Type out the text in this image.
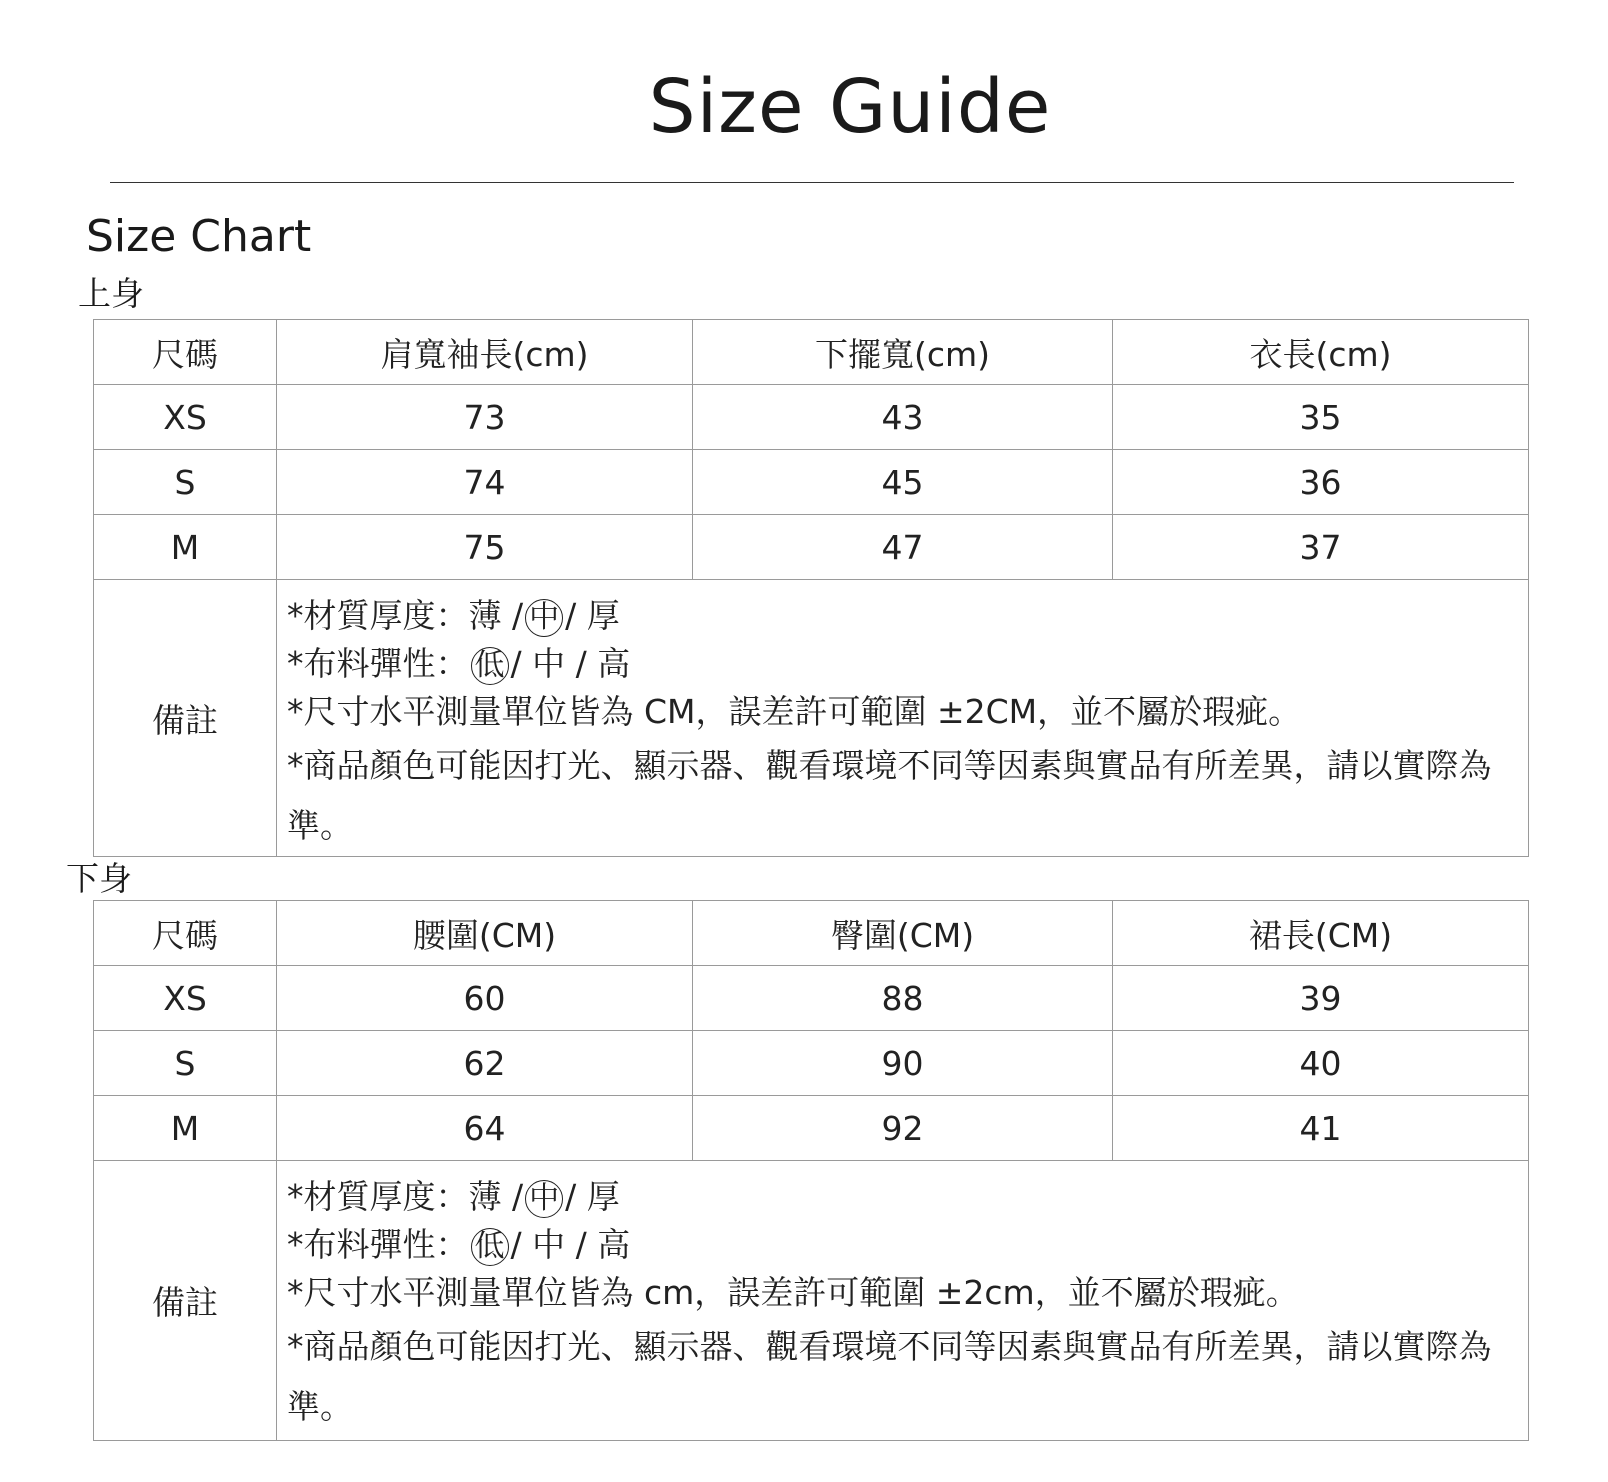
Size Guide
Size Chart
上身
尺碼	肩寬袖長(cm)	下擺寬(cm)	衣長(cm)
XS	73	43	35
S	74	45	36
M	75	47	37
備註	*材質厚度：薄 / 中 / 厚
*布料彈性： 低 / 中 / 高
*尺寸水平測量單位皆為 CM，誤差許可範圍 ±2CM，並不屬於瑕疵。
*商品顏色可能因打光、顯示器、觀看環境不同等因素與實品有所差異，請以實際為準。		
下身
尺碼	腰圍(CM)	臀圍(CM)	裙長(CM)
XS	60	88	39
S	62	90	40
M	64	92	41
備註	*材質厚度：薄 / 中 / 厚
*布料彈性： 低 / 中 / 高
*尺寸水平測量單位皆為 cm，誤差許可範圍 ±2cm，並不屬於瑕疵。
*商品顏色可能因打光、顯示器、觀看環境不同等因素與實品有所差異，請以實際為準。		
